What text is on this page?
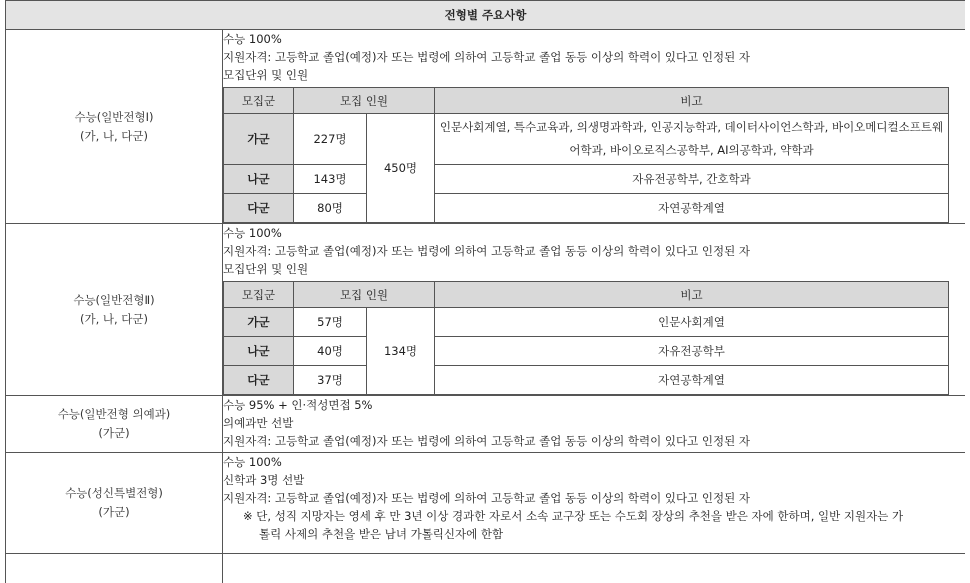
전형별 주요사항

수능(일반전형Ⅰ)
(가, 나, 다군)

수능 100%
지원자격: 고등학교 졸업(예정)자 또는 법령에 의하여 고등학교 졸업 동등 이상의 학력이 있다고 인정된 자
모집단위 및 인원
모집군	모집 인원	비고
가군	227명	450명	인문사회계열, 특수교육과, 의생명과학과, 인공지능학과, 데이터사이언스학과, 바이오메디컬소프트웨어학과, 바이오로직스공학부, AI의공학과, 약학과
나군	143명	자유전공학부, 간호학과
다군	80명	자연공학계열

수능(일반전형Ⅱ)
(가, 나, 다군)

수능 100%
지원자격: 고등학교 졸업(예정)자 또는 법령에 의하여 고등학교 졸업 동등 이상의 학력이 있다고 인정된 자
모집단위 및 인원
모집군	모집 인원	비고
가군	57명	134명	인문사회계열
나군	40명	자유전공학부
다군	37명	자연공학계열

수능(일반전형 의예과)
(가군)

수능 95% + 인·적성면접 5%
의예과만 선발
지원자격: 고등학교 졸업(예정)자 또는 법령에 의하여 고등학교 졸업 동등 이상의 학력이 있다고 인정된 자

수능(성신특별전형)
(가군)

수능 100%
신학과 3명 선발
지원자격: 고등학교 졸업(예정)자 또는 법령에 의하여 고등학교 졸업 동등 이상의 학력이 있다고 인정된 자
※ 단, 성직 지망자는 영세 후 만 3년 이상 경과한 자로서 소속 교구장 또는 수도회 장상의 추천을 받은 자에 한하며, 일반 지원자는 가
톨릭 사제의 추천을 받은 남녀 가톨릭신자에 한함
